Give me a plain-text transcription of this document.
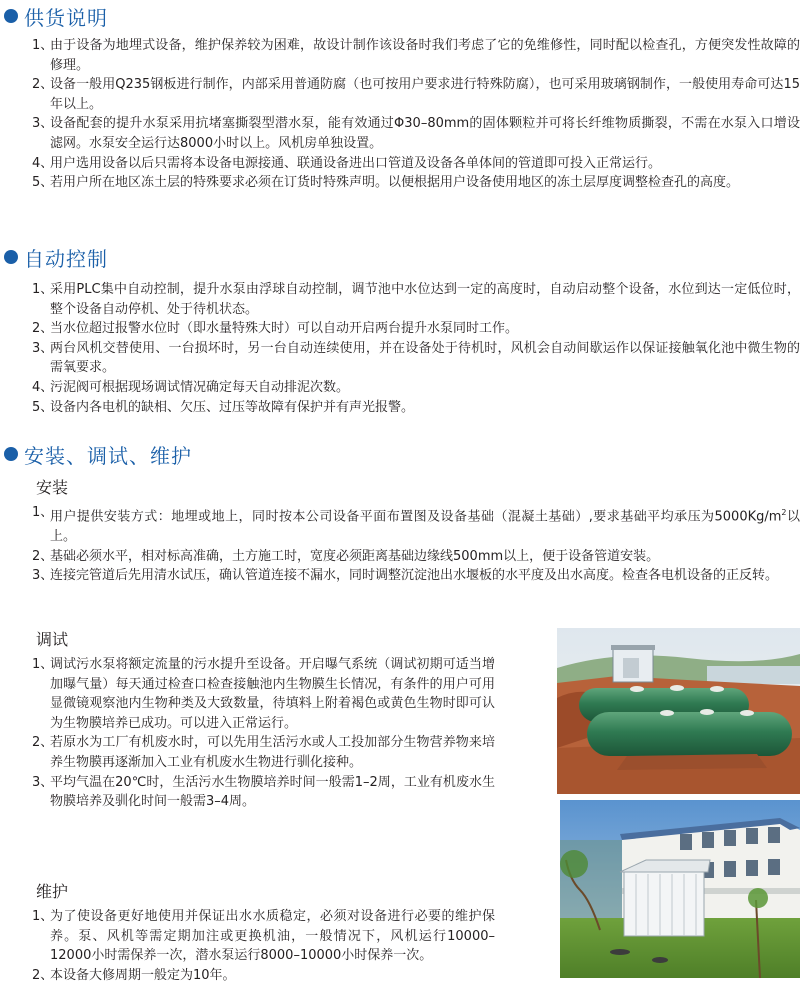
供货说明
1、
由于设备为地埋式设备，维护保养较为困难，故设计制作该设备时我们考虑了它的免维修性，同时配以检查孔，方便突发性故障的修理。
2、
设备一般用Q235钢板进行制作，内部采用普通防腐（也可按用户要求进行特殊防腐），也可采用玻璃钢制作，一般使用寿命可达15年以上。
3、
设备配套的提升水泵采用抗堵塞撕裂型潜水泵，能有效通过Φ30–80mm的固体颗粒并可将长纤维物质撕裂，不需在水泵入口增设滤网。水泵安全运行达8000小时以上。风机房单独设置。
4、
用户选用设备以后只需将本设备电源接通、联通设备进出口管道及设备各单体间的管道即可投入正常运行。
5、
若用户所在地区冻土层的特殊要求必须在订货时特殊声明。以便根据用户设备使用地区的冻土层厚度调整检查孔的高度。
自动控制
1、
采用PLC集中自动控制，提升水泵由浮球自动控制，调节池中水位达到一定的高度时，自动启动整个设备，水位到达一定低位时，整个设备自动停机、处于待机状态。
2、
当水位超过报警水位时（即水量特殊大时）可以自动开启两台提升水泵同时工作。
3、
两台风机交替使用、一台损坏时，另一台自动连续使用，并在设备处于待机时，风机会自动间歇运作以保证接触氧化池中微生物的需氧要求。
4、
污泥阀可根据现场调试情况确定每天自动排泥次数。
5、
设备内各电机的缺相、欠压、过压等故障有保护并有声光报警。
安装、调试、维护
安装
1、
用户提供安装方式：地埋或地上，同时按本公司设备平面布置图及设备基础（混凝土基础）,要求基础平均承压为$5000Kg/m^2$以上。
2、
基础必须水平，相对标高准确，土方施工时，宽度必须距离基础边缘线500mm以上，便于设备管道安装。
3、
连接完管道后先用清水试压，确认管道连接不漏水，同时调整沉淀池出水堰板的水平度及出水高度。检查各电机设备的正反转。
调试
1、
调试污水泵将额定流量的污水提升至设备。开启曝气系统（调试初期可适当增加曝气量）每天通过检查口检查接触池内生物膜生长情况，有条件的用户可用显微镜观察池内生物种类及大致数量，待填料上附着褐色或黄色生物时即可认为生物膜培养已成功。可以进入正常运行。
2、
若原水为工厂有机废水时，可以先用生活污水或人工投加部分生物营养物来培养生物膜再逐渐加入工业有机废水生物进行驯化接种。
3、
平均气温在20℃时，生活污水生物膜培养时间一般需1–2周，工业有机废水生物膜培养及驯化时间一般需3–4周。
维护
1、
为了使设备更好地使用并保证出水水质稳定，必须对设备进行必要的维护保养。泵、风机等需定期加注或更换机油，一般情况下，风机运行10000–12000小时需保养一次，潜水泵运行8000–10000小时保养一次。
2、
本设备大修周期一般定为10年。
